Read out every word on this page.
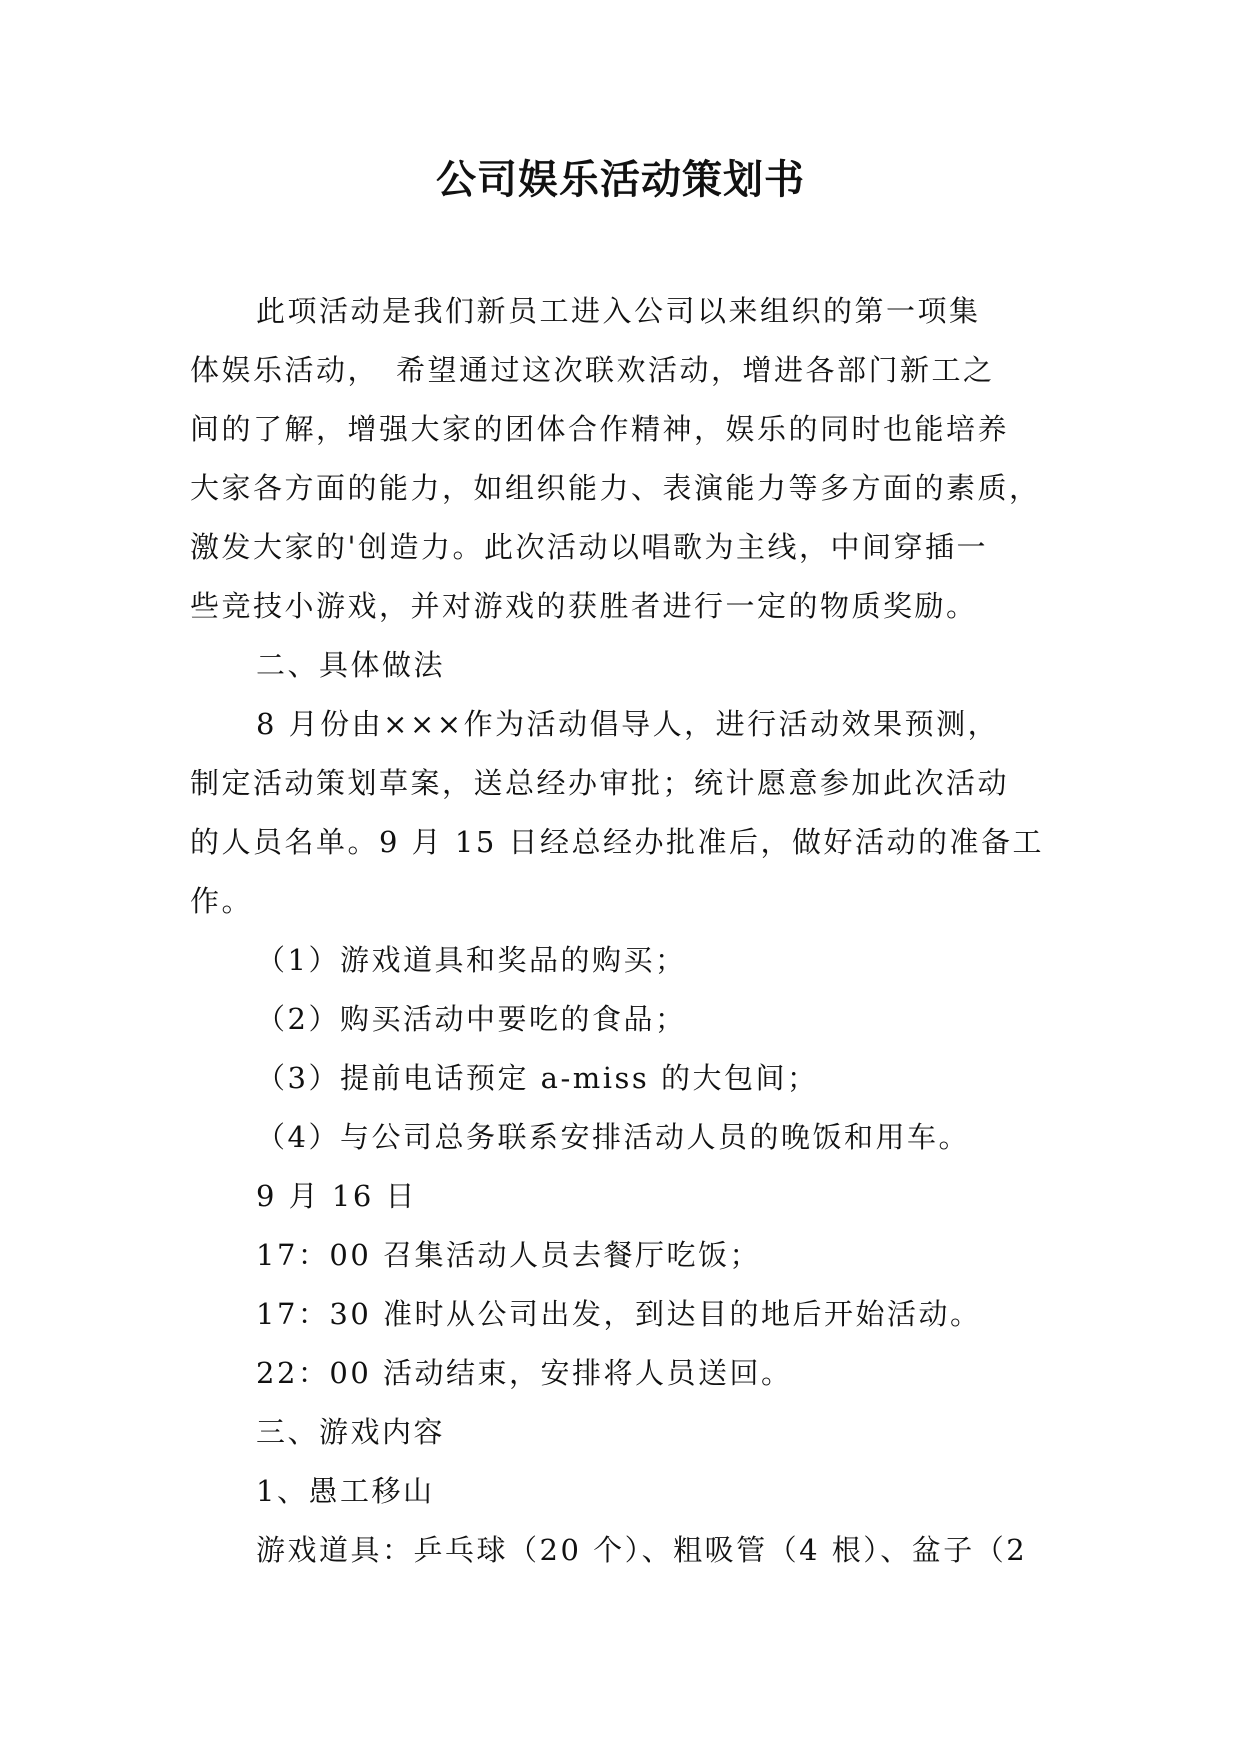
公司娱乐活动策划书

此项活动是我们新员工进入公司以来组织的第一项集

体娱乐活动，　希望通过这次联欢活动，增进各部门新工之

间的了解，增强大家的团体合作精神，娱乐的同时也能培养

大家各方面的能力，如组织能力、表演能力等多方面的素质，

激发大家的'创造力。此次活动以唱歌为主线，中间穿插一

些竞技小游戏，并对游戏的获胜者进行一定的物质奖励。

二、具体做法

8 月份由×××作为活动倡导人，进行活动效果预测，

制定活动策划草案，送总经办审批；统计愿意参加此次活动

的人员名单。9 月 15 日经总经办批准后，做好活动的准备工

作。

（1）游戏道具和奖品的购买；

（2）购买活动中要吃的食品；

（3）提前电话预定 a-miss 的大包间；

（4）与公司总务联系安排活动人员的晚饭和用车。

9 月 16 日

17：00 召集活动人员去餐厅吃饭；

17：30 准时从公司出发，到达目的地后开始活动。

22：00 活动结束，安排将人员送回。

三、游戏内容

1、愚工移山

游戏道具：乒乓球（20 个）、粗吸管（4 根）、盆子（2
